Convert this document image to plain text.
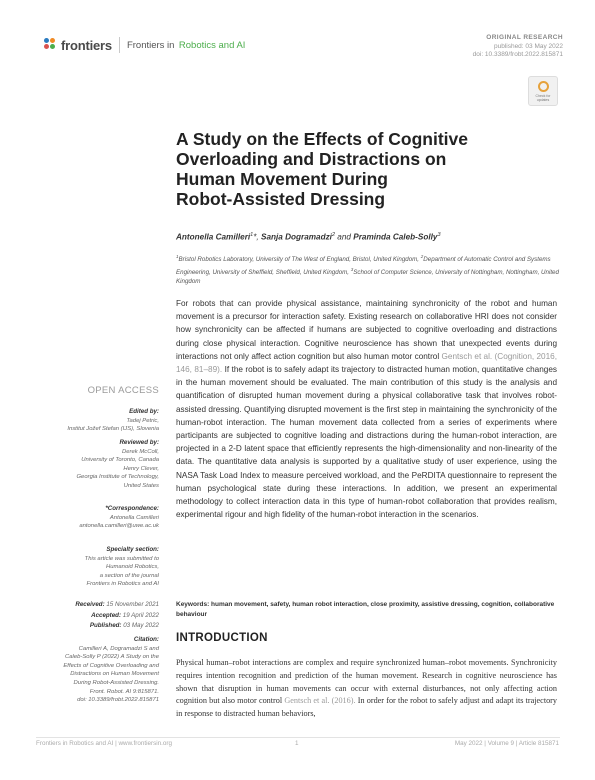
frontiers Frontiers in
Robotics and AI
ORIGINAL RESEARCH
published: 03 May 2022
doi: 10.3389/frobt.2022.815871
Check for updates
A Study on the Effects of Cognitive
Overloading and Distractions on
Human Movement During
Robot-Assisted Dressing
Antonella Camilleri$^1$*, Sanja Dogramadzi$^2$ and Praminda Caleb-Solly$^3$
$^1$Bristol Robotics Laboratory, University of The West of England, Bristol, United Kingdom, $^2$Department of Automatic Control and Systems Engineering, University of Sheffield, Sheffield, United Kingdom, $^3$School of Computer Science, University of Nottingham, Nottingham, United Kingdom
For robots that can provide physical assistance, maintaining synchronicity of the robot and human movement is a precursor for interaction safety. Existing research on collaborative HRI does not consider how synchronicity can be affected if humans are subjected to cognitive overloading and distractions during close physical interaction. Cognitive neuroscience has shown that unexpected events during interactions not only affect action cognition but also human motor control Gentsch et al. (Cognition, 2016, 146, 81–89). If the robot is to safely adapt its trajectory to distracted human motion, quantitative changes in the human movement should be evaluated. The main contribution of this study is the analysis and quantification of disrupted human movement during a physical collaborative task that involves robot-assisted dressing. Quantifying disrupted movement is the first step in maintaining the synchronicity of the human-robot interaction. The human movement data collected from a series of experiments where participants are subjected to cognitive loading and distractions during the human-robot interaction, are projected in a 2-D latent space that efficiently represents the high-dimensionality and non-linearity of the data. The quantitative data analysis is supported by a qualitative study of user experience, using the NASA Task Load Index to measure perceived workload, and the PeRDITA questionnaire to represent the human psychological state during these interactions. In addition, we present an experimental methodology to collect interaction data in this type of human-robot collaboration that provides realism, experimental rigour and high fidelity of the human-robot interaction in the scenarios.
Keywords: human movement, safety, human robot interaction, close proximity, assistive dressing, cognition, collaborative behaviour
INTRODUCTION
Physical human–robot interactions are complex and require synchronized human–robot movements. Synchronicity requires intention recognition and prediction of the human movement. Research in cognitive neuroscience has shown that disruption in human movements can occur with external disturbances, not only affecting action cognition but also motor control Gentsch et al. (2016). In order for the robot to safely adjust and adapt its trajectory in response to distracted human behaviors,
OPEN ACCESS
Edited by:
Tadej Petric,
Institut Jožef Stefan (IJS), Slovenia
Reviewed by:
Derek McColl,
University of Toronto, Canada
Henry Clever,
Georgia Institute of Technology,
United States
*Correspondence:
Antonella Camilleri
antonella.camilleri@uwe.ac.uk
Specialty section:
This article was submitted to
Humanoid Robotics,
a section of the journal
Frontiers in Robotics and AI
Received: 15 November 2021
Accepted: 19 April 2022
Published: 03 May 2022
Citation:
Camilleri A, Dogramadzi S and
Caleb-Solly P (2022) A Study on the
Effects of Cognitive Overloading and
Distractions on Human Movement
During Robot-Assisted Dressing.
Front. Robot. AI 9:815871.
doi: 10.3389/frobt.2022.815871
Frontiers in Robotics and AI | www.frontiersin.org	1	May 2022 | Volume 9 | Article 815871
